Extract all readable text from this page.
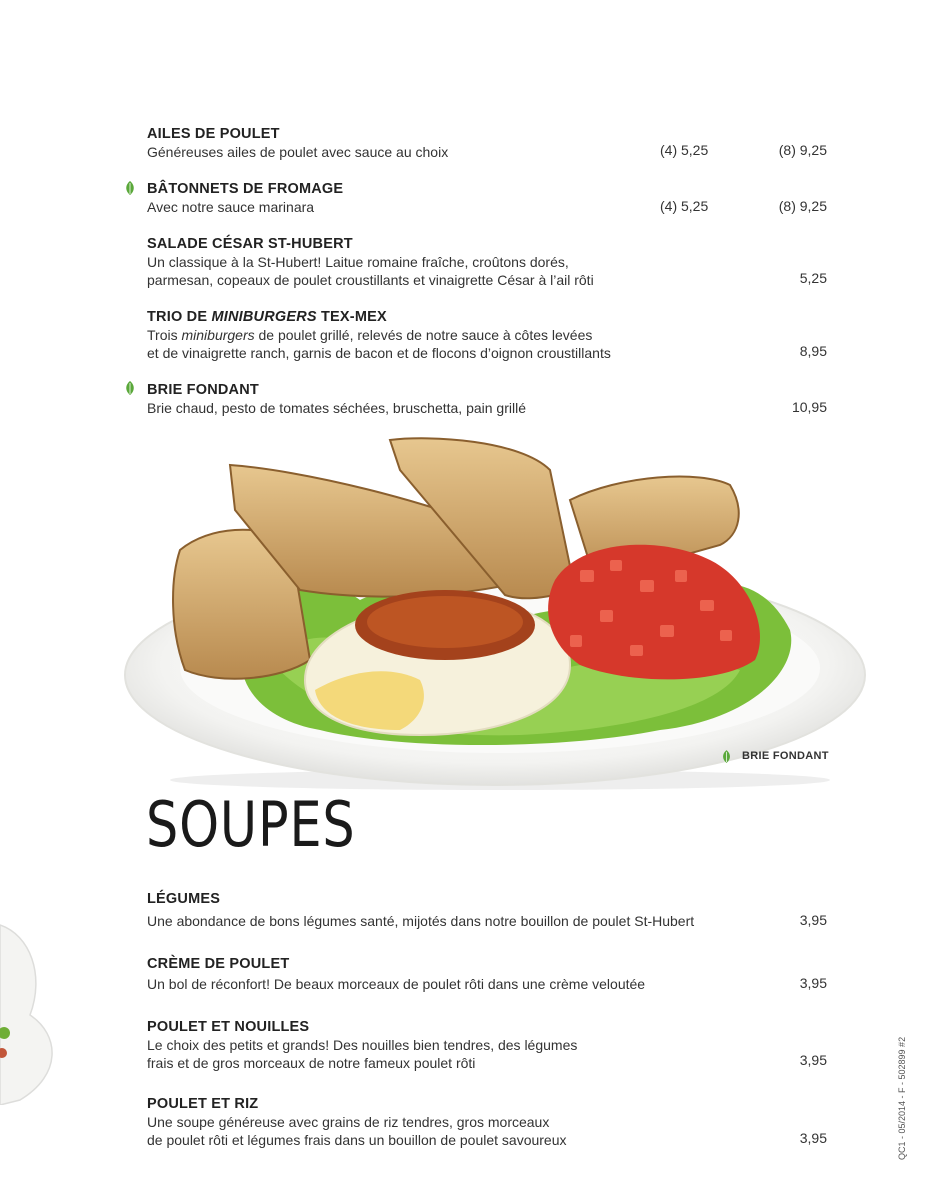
AILES DE POULET
Généreuses ailes de poulet avec sauce au choix	(4) 5,25	(8) 9,25
BÂTONNETS DE FROMAGE
Avec notre sauce marinara	(4) 5,25	(8) 9,25
SALADE CÉSAR ST-HUBERT
Un classique à la St-Hubert! Laitue romaine fraîche, croûtons dorés,
parmesan, copeaux de poulet croustillants et vinaigrette César à l’ail rôti	5,25
TRIO DE MINIBURGERS TEX-MEX
Trois miniburgers de poulet grillé, relevés de notre sauce à côtes levées
et de vinaigrette ranch, garnis de bacon et de flocons d’oignon croustillants	8,95
BRIE FONDANT
Brie chaud, pesto de tomates séchées, bruschetta, pain grillé	10,95
BRIE FONDANT
SOUPES
LÉGUMES
Une abondance de bons légumes santé, mijotés dans notre bouillon de poulet St-Hubert	3,95
CRÈME DE POULET
Un bol de réconfort! De beaux morceaux de poulet rôti dans une crème veloutée	3,95
POULET ET NOUILLES
Le choix des petits et grands! Des nouilles bien tendres, des légumes
frais et de gros morceaux de notre fameux poulet rôti	3,95
POULET ET RIZ
Une soupe généreuse avec grains de riz tendres, gros morceaux
de poulet rôti et légumes frais dans un bouillon de poulet savoureux	3,95	QC1 - 05/2014 - F - 502899 #2
